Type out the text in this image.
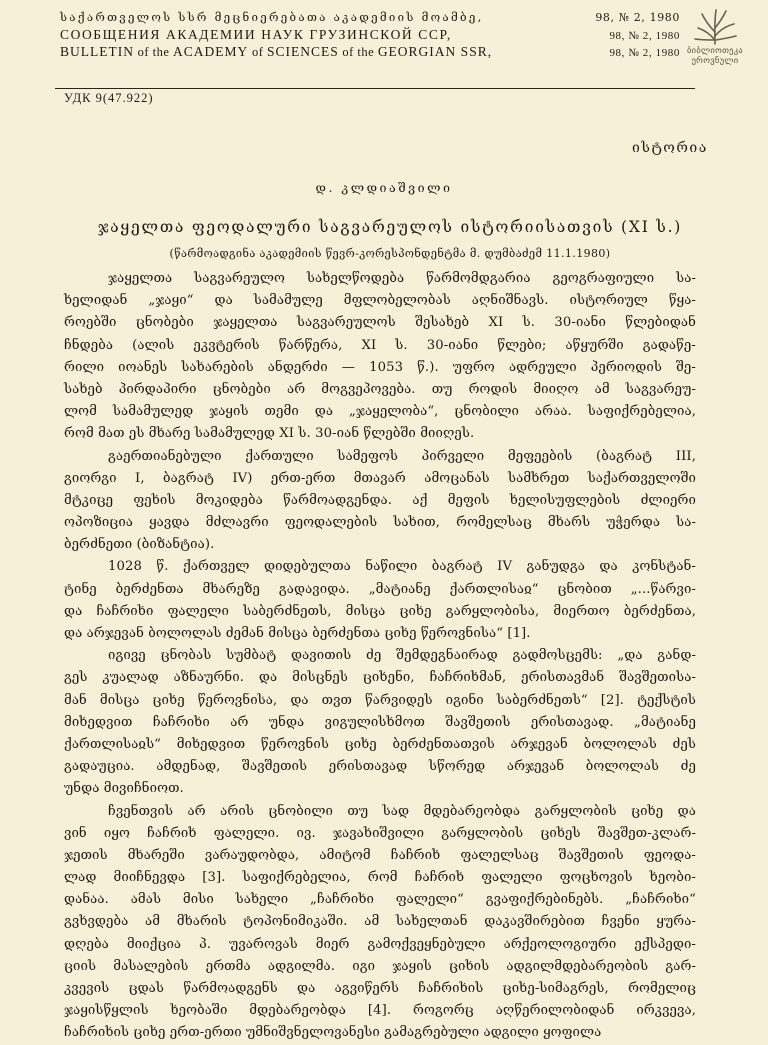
საქართველოს სსრ მეცნიერებათა აკადემიის მოამბე,	98, № 2, 1980
СООБЩЕНИЯ АКАДЕМИИ НАУК ГРУЗИНСКОЙ ССР,	98, № 2, 1980
BULLETIN of the ACADEMY of SCIENCES of the GEORGIAN SSR,	98, № 2, 1980 ბიბლიოთეკა
ეროვნული
УДК 9(47.922)
ისტორია
დ. კლდიაშვილი
ჯაყელთა ფეოდალური საგვარეულოს ისტორიისათვის (XI ს.)
(წარმოადგინა აკადემიის წევრ-კორესპონდენტმა მ. დუმბაძემ 11.1.1980)
ჯაყელთა საგვარეულო სახელწოდება წარმომდგარია გეოგრაფიული სა-
ხელიდან „ჯაყი“ და სამამულე მფლობელობას აღნიშნავს. ისტორიულ წყა-
როებში ცნობები ჯაყელთა საგვარეულოს შესახებ XI ს. 30-იანი წლებიდან
ჩნდება (ალის ეკვტერის წარწერა, XI ს. 30-იანი წლები; აწყურში გადაწე-
რილი იოანეს სახარების ანდერძი — 1053 წ.). უფრო ადრეული პერიოდის შე-
სახებ პირდაპირი ცნობები არ მოგვეპოვება. თუ როდის მიიღო ამ საგვარეუ-
ლომ სამამულედ ჯაყის თემი და „ჯაყელობა“, ცნობილი არაა. საფიქრებელია,
რომ მათ ეს მხარე სამამულედ XI ს. 30-იან წლებში მიიღეს.
გაერთიანებული ქართული სამეფოს პირველი მეფეების (ბაგრატ III,
გიორგი I, ბაგრატ IV) ერთ-ერთ მთავარ ამოცანას სამხრეთ საქართველოში
მტკიცე ფეხის მოკიდება წარმოადგენდა. აქ მეფის ხელისუფლების ძლიერი
ოპოზიცია ყავდა მძლავრი ფეოდალების სახით, რომელსაც მხარს უჭერდა სა-
ბერძნეთი (ბიზანტია).
1028 წ. ქართველ დიდებულთა ნაწილი ბაგრატ IV განუდგა და კონსტან-
ტინე ბერძენთა მხარეზე გადავიდა. „მატიანე ქართლისაჲ“ ცნობით „...წარვი-
და ჩაჩრიხი ფალელი საბერძნეთს, მისცა ციხე გარყლობისა, მიერთო ბერძენთა,
და არჯევან ბოლოლას ძემან მისცა ბერძენთა ციხე წეროვნისა“ [1].
იგივე ცნობას სუმბატ დავითის ძე შემდეგნაირად გადმოსცემს: „და განდ-
გეს კუალად აზნაურნი. და მისცნეს ციხენი, ჩაჩრიხმან, ერისთავმან შავშეთისა-
მან მისცა ციხე წეროვნისა, და თვთ წარვიდეს იგინი საბერძნეთს“ [2]. ტექსტის
მიხედვით ჩაჩრიხი არ უნდა ვიგულისხმოთ შავშეთის ერისთავად. „მატიანე
ქართლისაჲს“ მიხედვით წეროვნის ციხე ბერძენთათვის არჯევან ბოლოლას ძეს
გადაუცია. ამდენად, შავშეთის ერისთავად სწორედ არჯევან ბოლოლას ძე
უნდა მივიჩნიოთ.
ჩვენთვის არ არის ცნობილი თუ სად მდებარეობდა გარყლობის ციხე და
ვინ იყო ჩაჩრიხ ფალელი. ივ. ჯავახიშვილი გარყლობის ციხეს შავშეთ-კლარ-
ჯეთის მხარეში ვარაუდობდა, ამიტომ ჩაჩრიხ ფალელსაც შავშეთის ფეოდა-
ლად მიიჩნევდა [3]. საფიქრებელია, რომ ჩაჩრიხ ფალელი ფოცხოვის ხეობი-
დანაა. ამას მისი სახელი „ჩაჩრიხი ფალელი“ გვაფიქრებინებს. „ჩაჩრიხი“
გვხვდება ამ მხარის ტოპონიმიკაში. ამ სახელთან დაკავშირებით ჩვენი ყურა-
დღება მიიქცია პ. უვაროვას მიერ გამოქვეყნებული არქეოლოგიური ექსპედი-
ციის მასალების ერთმა ადგილმა. იგი ჯაყის ციხის ადგილმდებარეობის გარ-
კვევის ცდას წარმოადგენს და აგვიწერს ჩაჩრიხის ციხე-სიმაგრეს, რომელიც
ჯაყისწყლის ხეობაში მდებარეობდა [4]. როგორც აღწერილობიდან ირკვევა,
ჩაჩრიხის ციხე ერთ-ერთი უმნიშვნელოვანესი გამაგრებული ადგილი ყოფილა
